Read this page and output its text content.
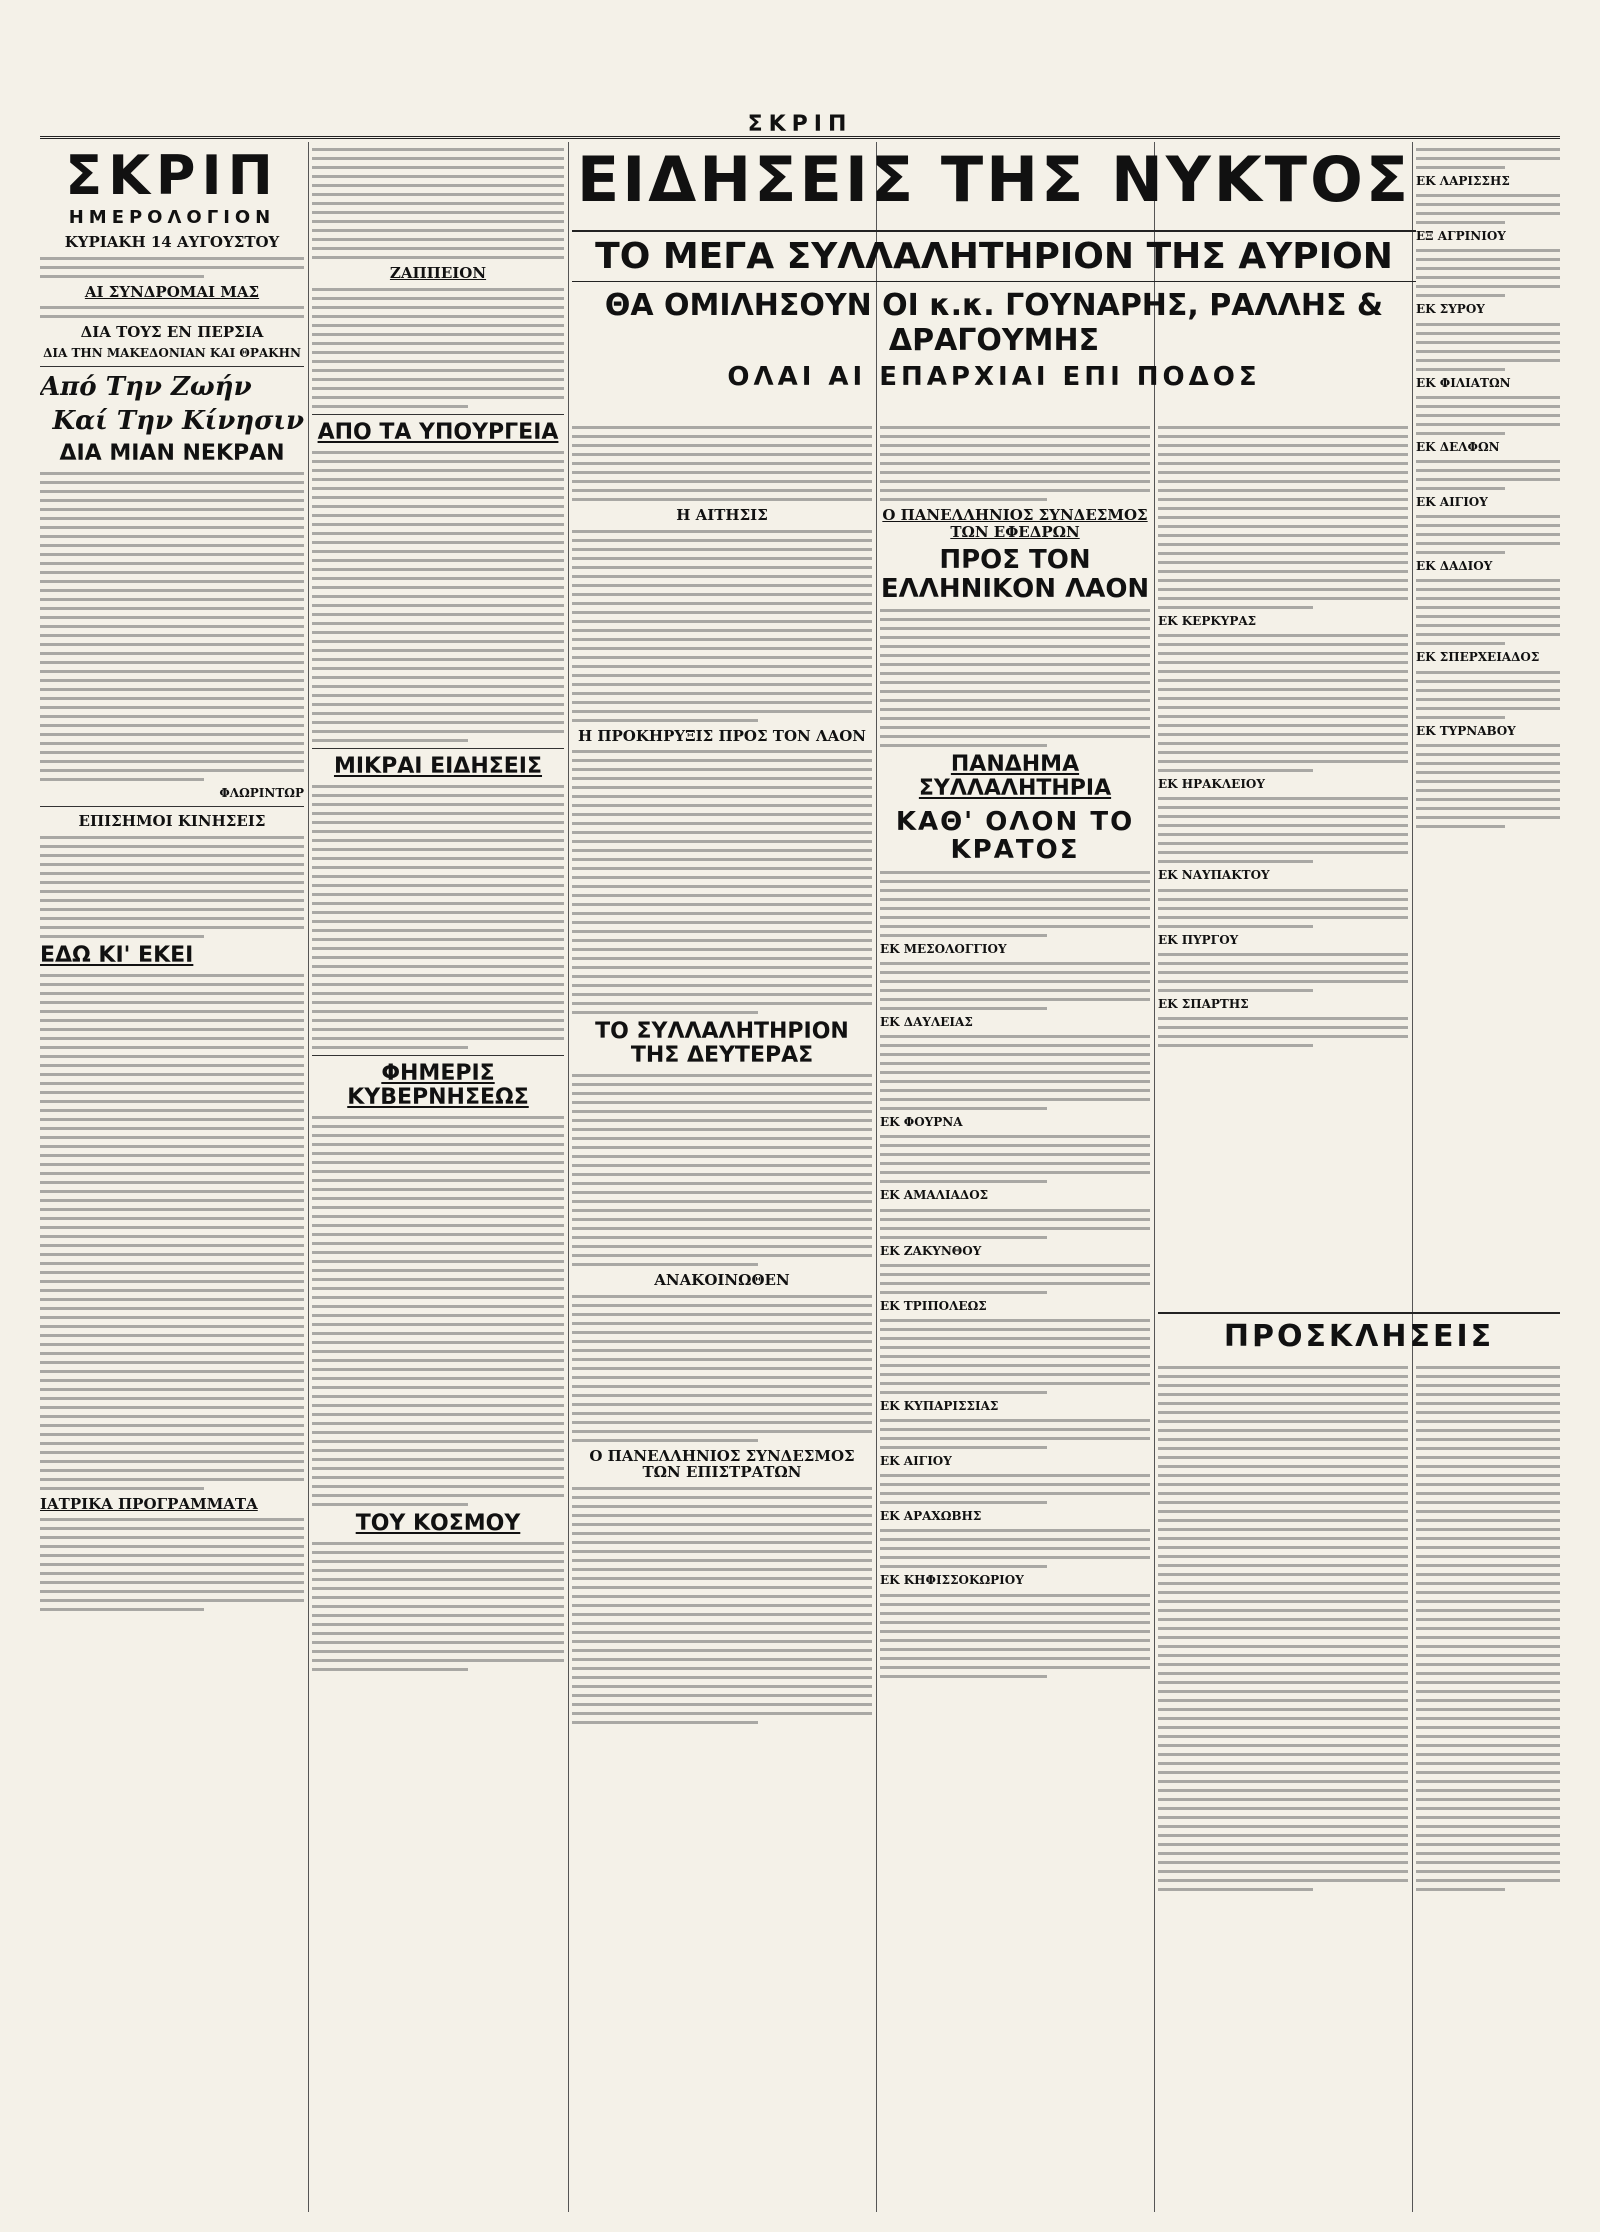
ΣΚΡΙΠ
ΣΚΡΙΠ
ΗΜΕΡΟΛΟΓΙΟΝ
ΚΥΡΙΑΚΗ 14 ΑΥΓΟΥΣΤΟΥ
ΑΙ ΣΥΝΔΡΟΜΑΙ ΜΑΣ
ΔΙΑ ΤΟΥΣ ΕΝ ΠΕΡΣΙΑ
ΔΙΑ ΤΗΝ ΜΑΚΕΔΟΝΙΑΝ ΚΑΙ ΘΡΑΚΗΝ
Από Την Ζωήν
Καί Την Κίνησιν
ΔΙΑ ΜΙΑΝ ΝΕΚΡΑΝ
ΦΛΩΡΙΝΤΩΡ
ΕΠΙΣΗΜΟΙ ΚΙΝΗΣΕΙΣ
ΕΔΩ ΚΙ' ΕΚΕΙ
ΙΑΤΡΙΚΑ ΠΡΟΓΡΑΜΜΑΤΑ
ΖΑΠΠΕΙΟΝ
ΑΠΟ ΤΑ ΥΠΟΥΡΓΕΙΑ
ΜΙΚΡΑΙ ΕΙΔΗΣΕΙΣ
ΦΗΜΕΡΙΣ ΚΥΒΕΡΝΗΣΕΩΣ
ΤΟΥ ΚΟΣΜΟΥ
ΕΙΔΗΣΕΙΣ ΤΗΣ ΝΥΚΤΟΣ
ΤΟ ΜΕΓΑ ΣΥΛΛΑΛΗΤΗΡΙΟΝ ΤΗΣ ΑΥΡΙΟΝ
ΘΑ ΟΜΙΛΗΣΟΥΝ ΟΙ κ.κ. ΓΟΥΝΑΡΗΣ, ΡΑΛΛΗΣ & ΔΡΑΓΟΥΜΗΣ
ΟΛΑΙ ΑΙ ΕΠΑΡΧΙΑΙ ΕΠΙ ΠΟΔΟΣ
Η ΑΙΤΗΣΙΣ
Η ΠΡΟΚΗΡΥΞΙΣ ΠΡΟΣ ΤΟΝ ΛΑΟΝ
ΤΟ ΣΥΛΛΑΛΗΤΗΡΙΟΝ ΤΗΣ ΔΕΥΤΕΡΑΣ
ΑΝΑΚΟΙΝΩΘΕΝ
Ο ΠΑΝΕΛΛΗΝΙΟΣ ΣΥΝΔΕΣΜΟΣ ΤΩΝ ΕΠΙΣΤΡΑΤΩΝ
Ο ΠΑΝΕΛΛΗΝΙΟΣ ΣΥΝΔΕΣΜΟΣ ΤΩΝ ΕΦΕΔΡΩΝ
ΠΡΟΣ ΤΟΝ ΕΛΛΗΝΙΚΟΝ ΛΑΟΝ
ΠΑΝΔΗΜΑ ΣΥΛΛΑΛΗΤΗΡΙΑ
ΚΑΘ' ΟΛΟΝ ΤΟ ΚΡΑΤΟΣ
ΕΚ ΜΕΣΟΛΟΓΓΙΟΥ
ΕΚ ΔΑΥΛΕΙΑΣ
ΕΚ ΦΟΥΡΝΑ
ΕΚ ΑΜΑΛΙΑΔΟΣ
ΕΚ ΖΑΚΥΝΘΟΥ
ΕΚ ΤΡΙΠΟΛΕΩΣ
ΕΚ ΚΥΠΑΡΙΣΣΙΑΣ
ΕΚ ΑΙΓΙΟΥ
ΕΚ ΑΡΑΧΩΒΗΣ
ΕΚ ΚΗΦΙΣΣΟΚΩΡΙΟΥ
ΕΚ ΚΕΡΚΥΡΑΣ
ΕΚ ΗΡΑΚΛΕΙΟΥ
ΕΚ ΝΑΥΠΑΚΤΟΥ
ΕΚ ΠΥΡΓΟΥ
ΕΚ ΣΠΑΡΤΗΣ
ΠΡΟΣΚΛΗΣΕΙΣ
ΕΚ ΛΑΡΙΣΣΗΣ
ΕΞ ΑΓΡΙΝΙΟΥ
ΕΚ ΣΥΡΟΥ
ΕΚ ΦΙΛΙΑΤΩΝ
ΕΚ ΔΕΛΦΩΝ
ΕΚ ΑΙΓΙΟΥ
ΕΚ ΔΑΔΙΟΥ
ΕΚ ΣΠΕΡΧΕΙΑΔΟΣ
ΕΚ ΤΥΡΝΑΒΟΥ
